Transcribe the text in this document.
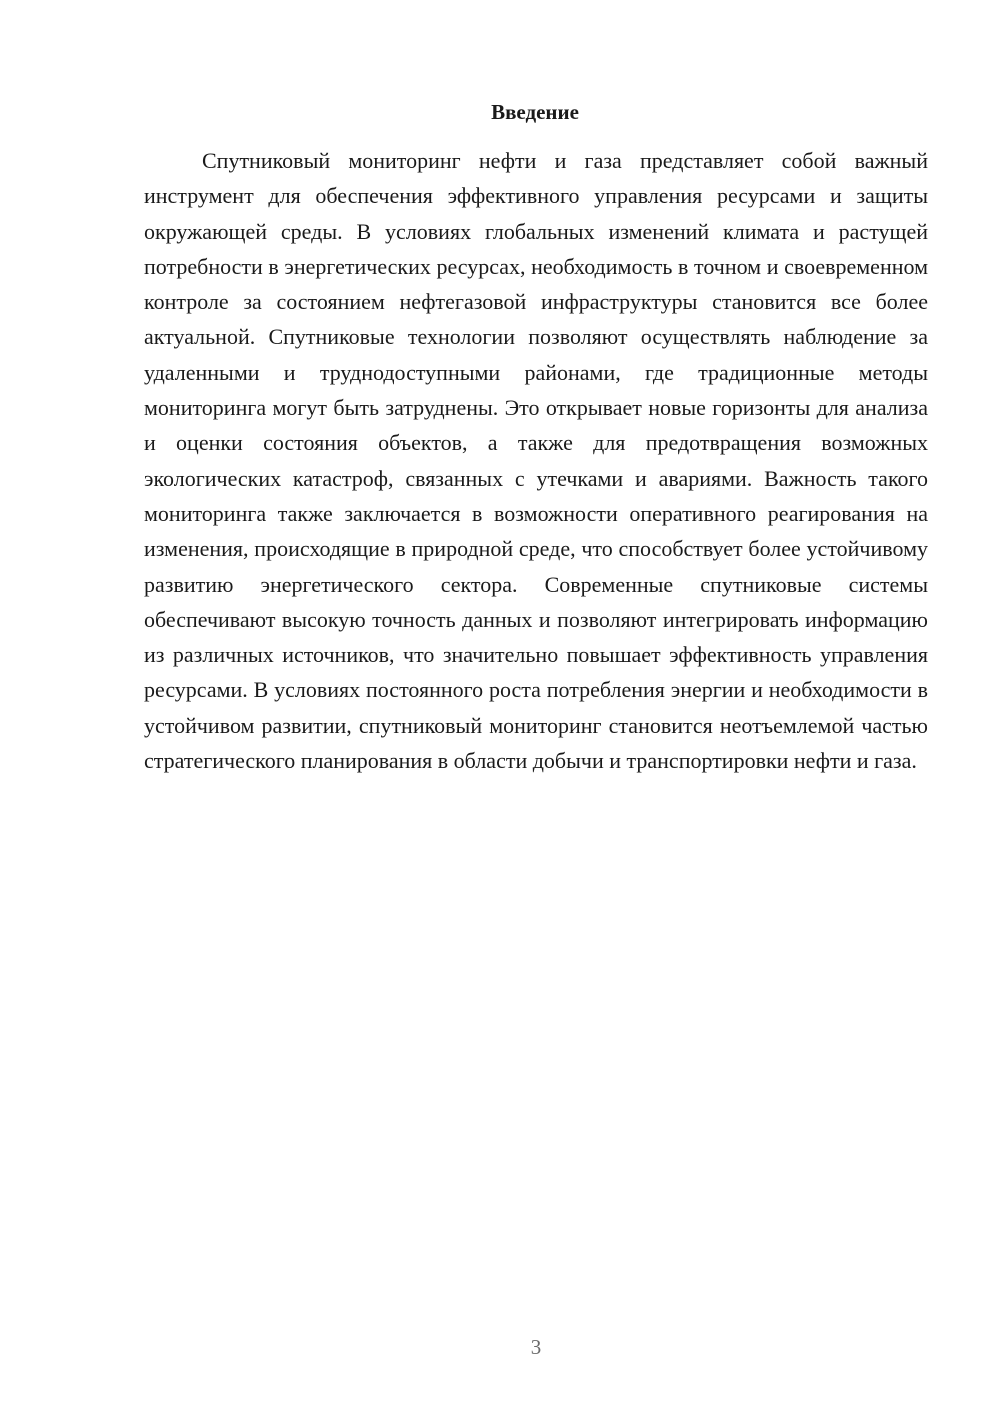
Введение

Спутниковый мониторинг нефти и газа представляет собой важный инструмент для обеспечения эффективного управления ресурсами и защиты окружающей среды. В условиях глобальных изменений климата и растущей потребности в энергетических ресурсах, необходимость в точном и своевременном контроле за состоянием нефтегазовой инфраструктуры становится все более актуальной. Спутниковые технологии позволяют осуществлять наблюдение за удаленными и труднодоступными районами, где традиционные методы мониторинга могут быть затруднены. Это открывает новые горизонты для анализа и оценки состояния объектов, а также для предотвращения возможных экологических катастроф, связанных с утечками и авариями. Важность такого мониторинга также заключается в возможности оперативного реагирования на изменения, происходящие в природной среде, что способствует более устойчивому развитию энергетического сектора. Современные спутниковые системы обеспечивают высокую точность данных и позволяют интегрировать информацию из различных источников, что значительно повышает эффективность управления ресурсами. В условиях постоянного роста потребления энергии и необходимости в устойчивом развитии, спутниковый мониторинг становится неотъемлемой частью стратегического планирования в области добычи и транспортировки нефти и газа.

3
